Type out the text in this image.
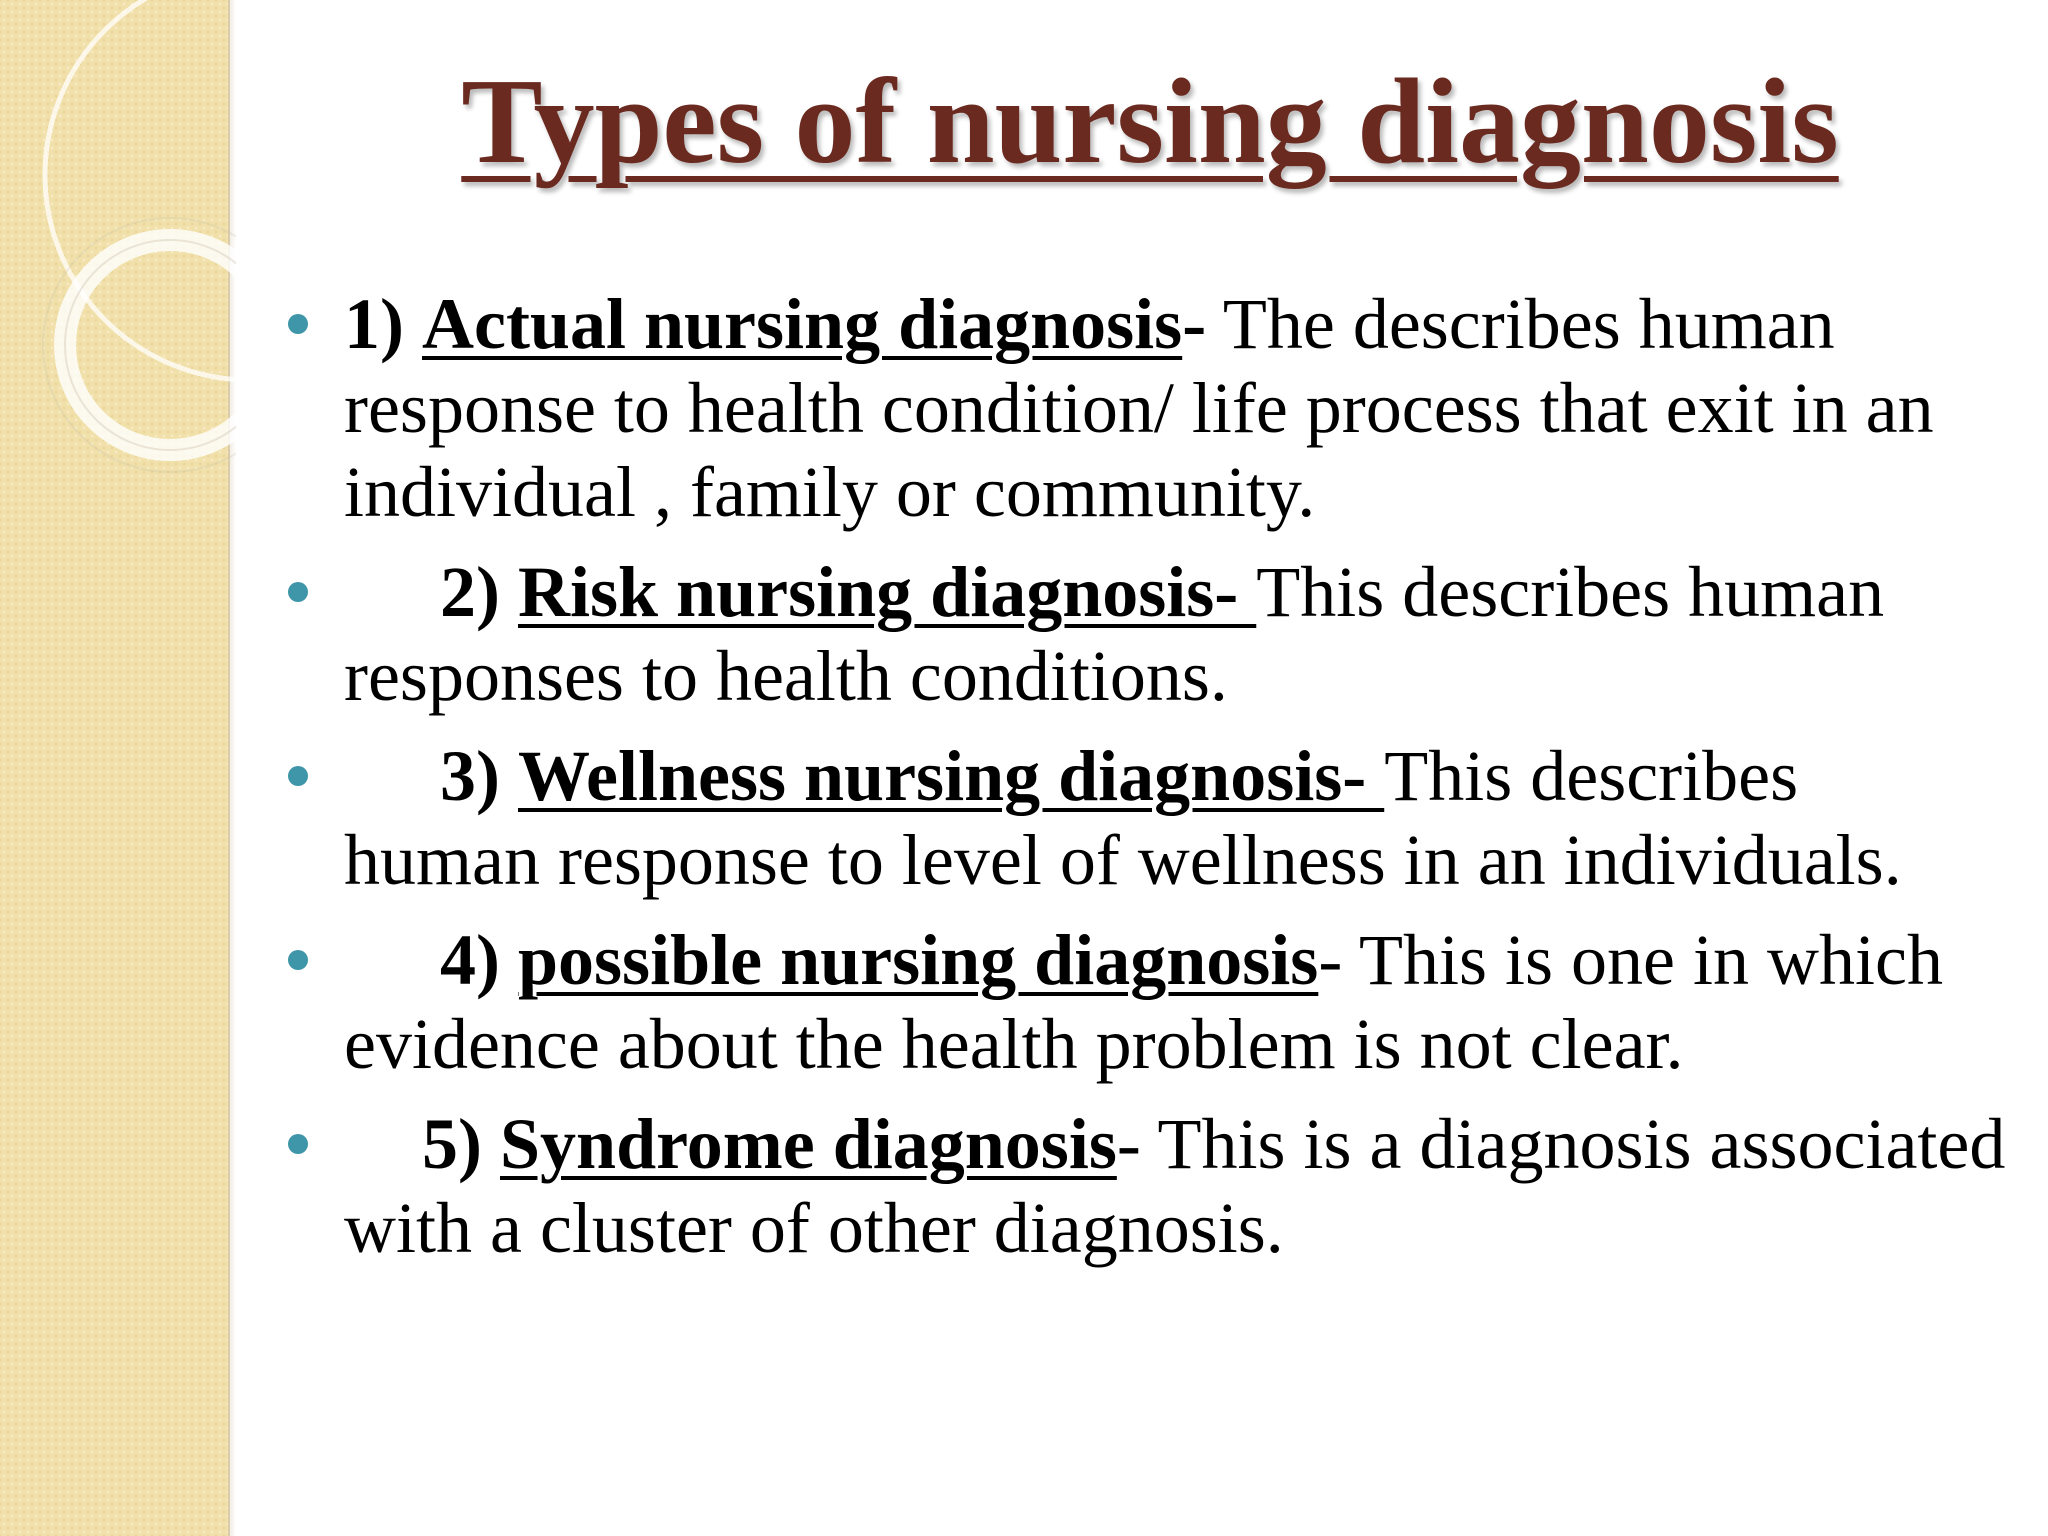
Types of nursing diagnosis
1) Actual nursing diagnosis- The describes human response to health condition/ life process that exit in an individual , family or community.
2) Risk nursing diagnosis- This describes human responses to health conditions.
3) Wellness nursing diagnosis- This describes human response to level of wellness in an individuals.
4) possible nursing diagnosis- This is one in which evidence about the health problem is not clear.
5) Syndrome diagnosis- This is a diagnosis associated with a cluster of other diagnosis.
